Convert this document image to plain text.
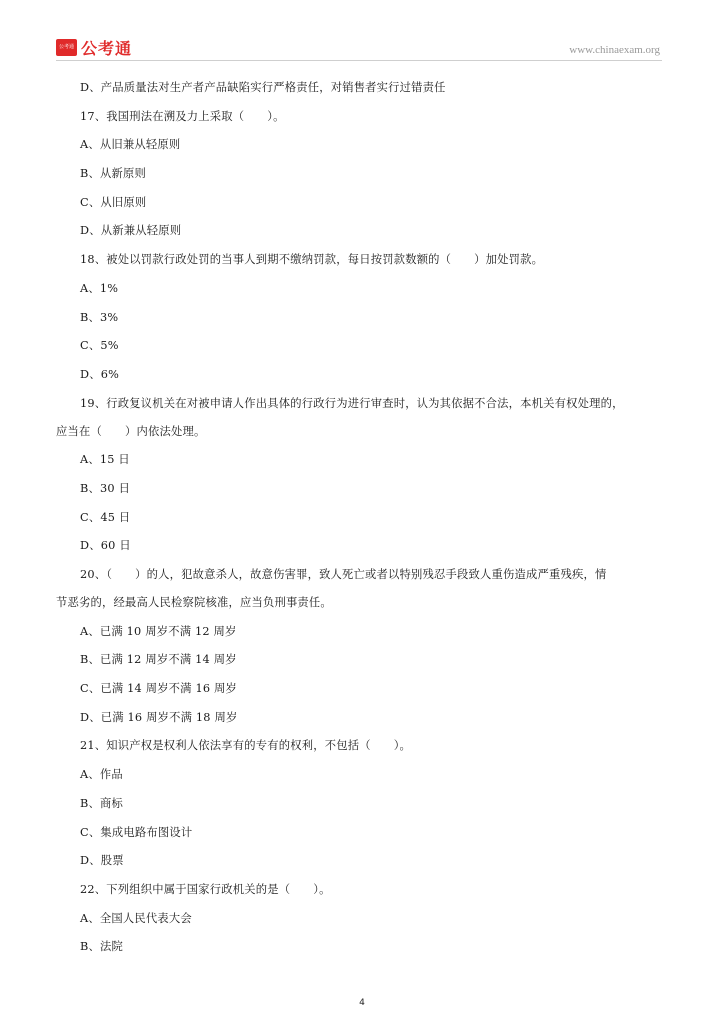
公考通 公考通	www.chinaexam.org
D、产品质量法对生产者产品缺陷实行严格责任，对销售者实行过错责任
17、我国刑法在溯及力上采取（　　）。
A、从旧兼从轻原则
B、从新原则
C、从旧原则
D、从新兼从轻原则
18、被处以罚款行政处罚的当事人到期不缴纳罚款，每日按罚款数额的（　　）加处罚款。
A、1%
B、3%
C、5%
D、6%
19、行政复议机关在对被申请人作出具体的行政行为进行审查时，认为其依据不合法，本机关有权处理的，
应当在（　　）内依法处理。
A、15 日
B、30 日
C、45 日
D、60 日
20、（　　）的人，犯故意杀人，故意伤害罪，致人死亡或者以特别残忍手段致人重伤造成严重残疾，情
节恶劣的，经最高人民检察院核准，应当负刑事责任。
A、已满 10 周岁不满 12 周岁
B、已满 12 周岁不满 14 周岁
C、已满 14 周岁不满 16 周岁
D、已满 16 周岁不满 18 周岁
21、知识产权是权利人依法享有的专有的权利，不包括（　　）。
A、作品
B、商标
C、集成电路布图设计
D、股票
22、下列组织中属于国家行政机关的是（　　）。
A、全国人民代表大会
B、法院
4
